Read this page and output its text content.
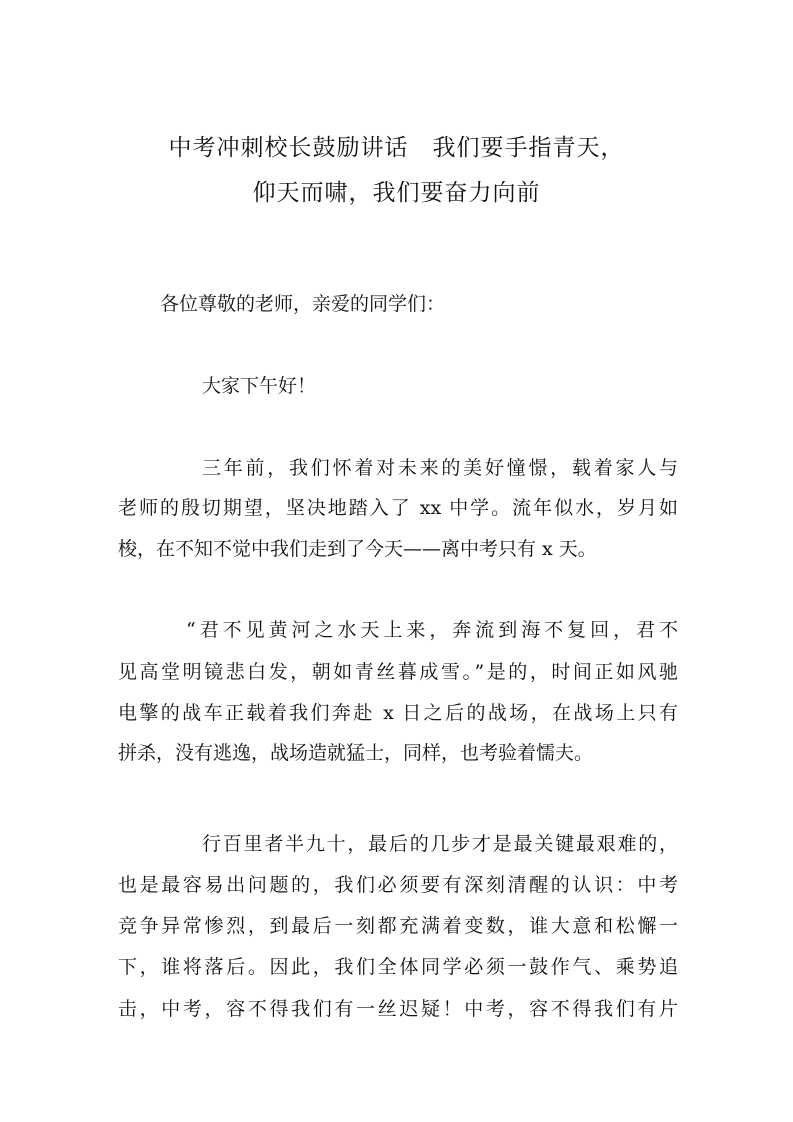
中考冲刺校长鼓励讲话　我们要手指青天，
仰天而啸，我们要奋力向前
各位尊敬的老师，亲爱的同学们：
大家下午好！
三年前，我们怀着对未来的美好憧憬，载着家人与
老师的殷切期望，坚决地踏入了 xx 中学。流年似水，岁月如
梭，在不知不觉中我们走到了今天——离中考只有 x 天。
“君不见黄河之水天上来，奔流到海不复回，君不
见高堂明镜悲白发，朝如青丝暮成雪。”是的，时间正如风驰
电擎的战车正载着我们奔赴 x 日之后的战场，在战场上只有
拼杀，没有逃逸，战场造就猛士，同样，也考验着懦夫。
行百里者半九十，最后的几步才是最关键最艰难的，
也是最容易出问题的，我们必须要有深刻清醒的认识：中考
竞争异常惨烈，到最后一刻都充满着变数，谁大意和松懈一
下，谁将落后。因此，我们全体同学必须一鼓作气、乘势追
击，中考，容不得我们有一丝迟疑！中考，容不得我们有片
